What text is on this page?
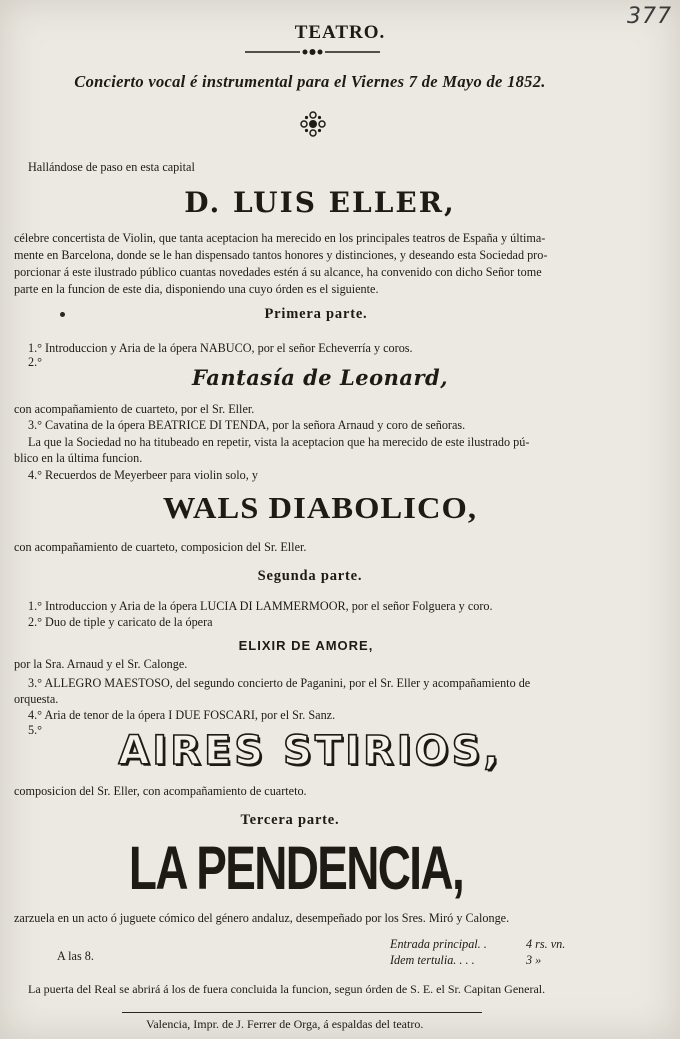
377
TEATRO.
Concierto vocal é instrumental para el Viernes 7 de Mayo de 1852.
Hallándose de paso en esta capital
D. LUIS ELLER,
célebre concertista de Violin, que tanta aceptacion ha merecido en los principales teatros de España y última-
mente en Barcelona, donde se le han dispensado tantos honores y distinciones, y deseando esta Sociedad pro-
porcionar á este ilustrado público cuantas novedades estén á su alcance, ha convenido con dicho Señor tome
parte en la funcion de este dia, disponiendo una cuyo órden es el siguiente.
Primera parte.
1.° Introduccion y Aria de la ópera NABUCO, por el señor Echeverría y coros.
2.°
Fantasía de Leonard,
con acompañamiento de cuarteto, por el Sr. Eller.
3.° Cavatina de la ópera BEATRICE DI TENDA, por la señora Arnaud y coro de señoras.
La que la Sociedad no ha titubeado en repetir, vista la aceptacion que ha merecido de este ilustrado pú-
blico en la última funcion.
4.° Recuerdos de Meyerbeer para violin solo, y
WALS DIABOLICO,
con acompañamiento de cuarteto, composicion del Sr. Eller.
Segunda parte.
1.° Introduccion y Aria de la ópera LUCIA DI LAMMERMOOR, por el señor Folguera y coro.
2.° Duo de tiple y caricato de la ópera
ELIXIR DE AMORE,
por la Sra. Arnaud y el Sr. Calonge.
3.° ALLEGRO MAESTOSO, del segundo concierto de Paganini, por el Sr. Eller y acompañamiento de
orquesta.
4.° Aria de tenor de la ópera I DUE FOSCARI, por el Sr. Sanz.
5.°	AIRES STIRIOS,
composicion del Sr. Eller, con acompañamiento de cuarteto.
Tercera parte.
LA PENDENCIA,
zarzuela en un acto ó juguete cómico del género andaluz, desempeñado por los Sres. Miró y Calonge.
A las 8.
Entrada principal. .	4 rs. vn.
Idem tertulia. . . .	3 »
La puerta del Real se abrirá á los de fuera concluida la funcion, segun órden de S. E. el Sr. Capitan General.
Valencia, Impr. de J. Ferrer de Orga, á espaldas del teatro.
